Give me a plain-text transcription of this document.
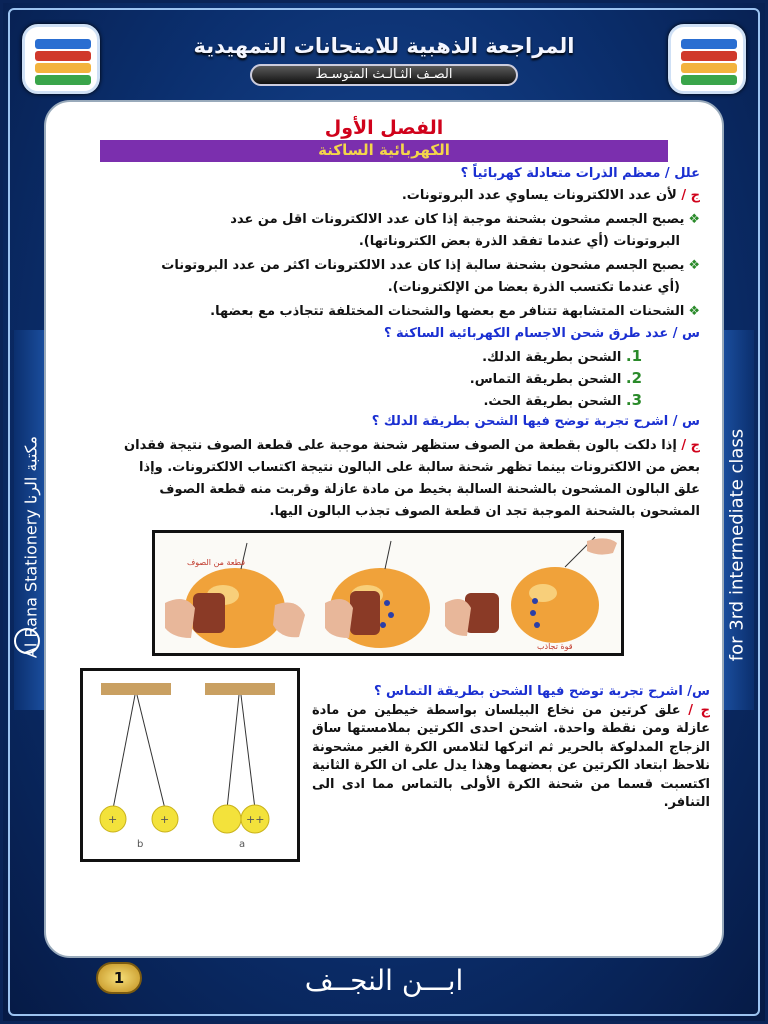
المراجعة الذهبية للامتحانات التمهيدية
الصـف الثـالـث المتوسـط
Al Rana Stationery مكتبة الرنا	for 3rd intermediate class
الفصل الأول
الكهربائية الساكنة
علل / معظم الذرات متعادلة كهربائياً ؟
ج / لأن عدد الالكترونات يساوي عدد البروتونات.
❖يصبح الجسم مشحون بشحنة موجبة إذا كان عدد الالكترونات اقل من عدد
البروتونات (أي عندما تفقد الذرة بعض الكتروناتها).
❖يصبح الجسم مشحون بشحنة سالبة إذا كان عدد الالكترونات اكثر من عدد البروتونات
(أي عندما تكتسب الذرة بعضا من الإلكترونات).
❖الشحنات المتشابهة تتنافر مع بعضها والشحنات المختلفة تتجاذب مع بعضها.
س / عدد طرق شحن الاجسام الكهربائية الساكنة ؟
1. الشحن بطريقة الدلك.
2. الشحن بطريقة التماس.
3. الشحن بطريقة الحث.
س / اشرح تجربة توضح فيها الشحن بطريقة الدلك ؟
ج / إذا دلكت بالون بقطعة من الصوف ستظهر شحنة موجبة على قطعة الصوف نتيجة فقدان
بعض من الالكترونات بينما تظهر شحنة سالبة على البالون نتيجة اكتساب الالكترونات. وإذا
علق البالون المشحون بالشحنة السالبة بخيط من مادة عازلة وقربت منه قطعة الصوف
المشحون بالشحنة الموجبة تجد ان قطعة الصوف تجذب البالون اليها.
قطعة من الصوف
قوة تجاذب
+	+
b
++
a
س/ اشرح تجربة توضح فيها الشحن بطريقة التماس ؟
ج / علق كرتين من نخاع البيلسان بواسطة خيطين من مادة عازلة ومن نقطة واحدة. اشحن احدى الكرتين بملامستها ساق الزجاج المدلوكة بالحرير ثم اتركها لتلامس الكرة الغير مشحونة نلاحظ ابتعاد الكرتين عن بعضهما وهذا يدل على ان الكرة الثانية اكتسبت قسما من شحنة الكرة الأولى بالتماس مما ادى الى التنافر.
1	ابـــن النجــف
